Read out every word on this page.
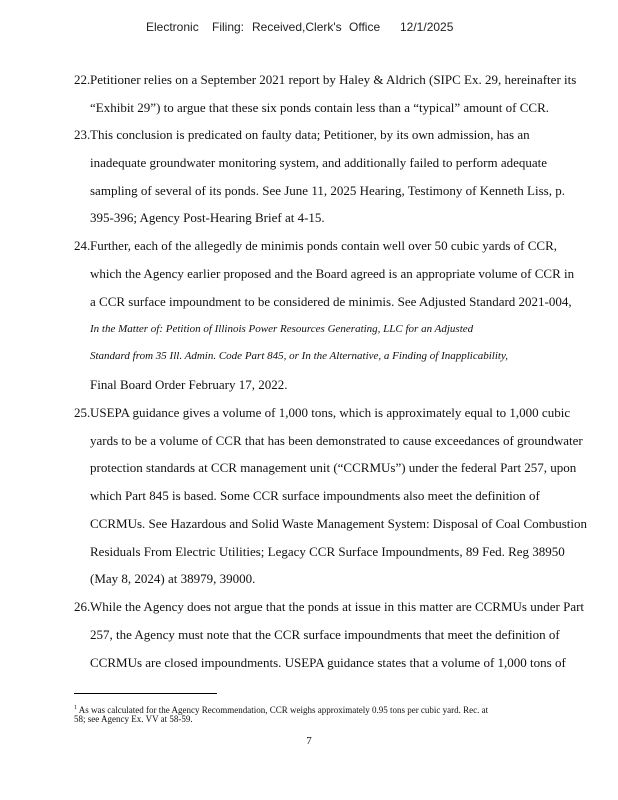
Electronic Filing: Received,Clerk's Office 12/1/2025
22. Petitioner relies on a September 2021 report by Haley & Aldrich (SIPC Ex. 29, hereinafter its
“Exhibit 29”) to argue that these six ponds contain less than a “typical” amount of CCR.
23. This conclusion is predicated on faulty data; Petitioner, by its own admission, has an
inadequate groundwater monitoring system, and additionally failed to perform adequate
sampling of several of its ponds. See June 11, 2025 Hearing, Testimony of Kenneth Liss, p.
395-396; Agency Post-Hearing Brief at 4-15.
24. Further, each of the allegedly de minimis ponds contain well over 50 cubic yards of CCR,
which the Agency earlier proposed and the Board agreed is an appropriate volume of CCR in
a CCR surface impoundment to be considered de minimis. See Adjusted Standard 2021-004,
In the Matter of: Petition of Illinois Power Resources Generating, LLC for an Adjusted
Standard from 35 Ill. Admin. Code Part 845, or In the Alternative, a Finding of Inapplicability,
Final Board Order February 17, 2022.
25. USEPA guidance gives a volume of 1,000 tons, which is approximately equal to 1,000 cubic
yards to be a volume of CCR that has been demonstrated to cause exceedances of groundwater
protection standards at CCR management unit (“CCRMUs”) under the federal Part 257, upon
which Part 845 is based. Some CCR surface impoundments also meet the definition of
CCRMUs. See Hazardous and Solid Waste Management System: Disposal of Coal Combustion
Residuals From Electric Utilities; Legacy CCR Surface Impoundments, 89 Fed. Reg 38950
(May 8, 2024) at 38979, 39000.
26. While the Agency does not argue that the ponds at issue in this matter are CCRMUs under Part
257, the Agency must note that the CCR surface impoundments that meet the definition of
CCRMUs are closed impoundments. USEPA guidance states that a volume of 1,000 tons of
$^1$ As was calculated for the Agency Recommendation, CCR weighs approximately 0.95 tons per cubic yard. Rec. at
58; see Agency Ex. VV at 58-59.
7
